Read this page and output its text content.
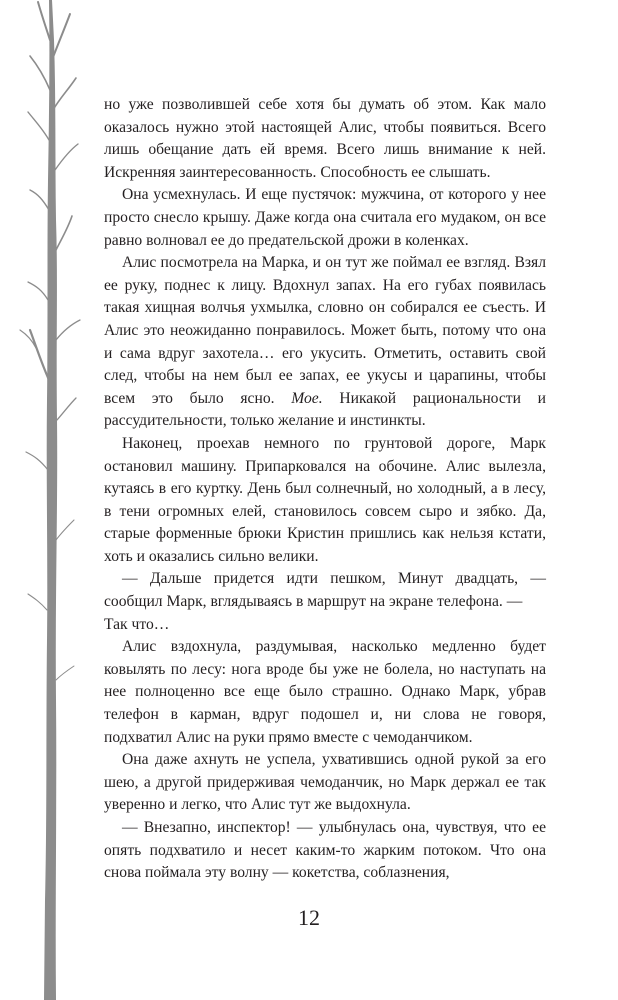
но уже позволившей себе хотя бы думать об этом. Как мало оказалось нужно этой настоящей Алис, чтобы появиться. Всего лишь обещание дать ей время. Всего лишь внимание к ней. Искренняя заинтересованность. Способность ее слышать.

Она усмехнулась. И еще пустячок: мужчина, от которого у нее просто снесло крышу. Даже когда она считала его мудаком, он все равно волновал ее до предательской дрожи в коленках.

Алис посмотрела на Марка, и он тут же поймал ее взгляд. Взял ее руку, поднес к лицу. Вдохнул запах. На его губах появилась такая хищная волчья ухмылка, словно он собирался ее съесть. И Алис это неожиданно понравилось. Может быть, потому что она и сама вдруг захотела… его укусить. Отметить, оставить свой след, чтобы на нем был ее запах, ее укусы и царапины, чтобы всем это было ясно. Мое. Никакой рациональности и рассудительности, только желание и инстинкты.

Наконец, проехав немного по грунтовой дороге, Марк остановил машину. Припарковался на обочине. Алис вылезла, кутаясь в его куртку. День был солнечный, но холодный, а в лесу, в тени огромных елей, становилось совсем сыро и зябко. Да, старые форменные брюки Кристин пришлись как нельзя кстати, хоть и оказались сильно велики.

— Дальше придется идти пешком, Минут двадцать, — сообщил Марк, вглядываясь в маршрут на экране телефона. —

Так что…

Алис вздохнула, раздумывая, насколько медленно будет ковылять по лесу: нога вроде бы уже не болела, но наступать на нее полноценно все еще было страшно. Однако Марк, убрав телефон в карман, вдруг подошел и, ни слова не говоря, подхватил Алис на руки прямо вместе с чемоданчиком.

Она даже ахнуть не успела, ухватившись одной рукой за его шею, а другой придерживая чемоданчик, но Марк держал ее так уверенно и легко, что Алис тут же выдохнула.

— Внезапно, инспектор! — улыбнулась она, чувствуя, что ее опять подхватило и несет каким-то жарким потоком. Что она снова поймала эту волну — кокетства, соблазнения,

12
